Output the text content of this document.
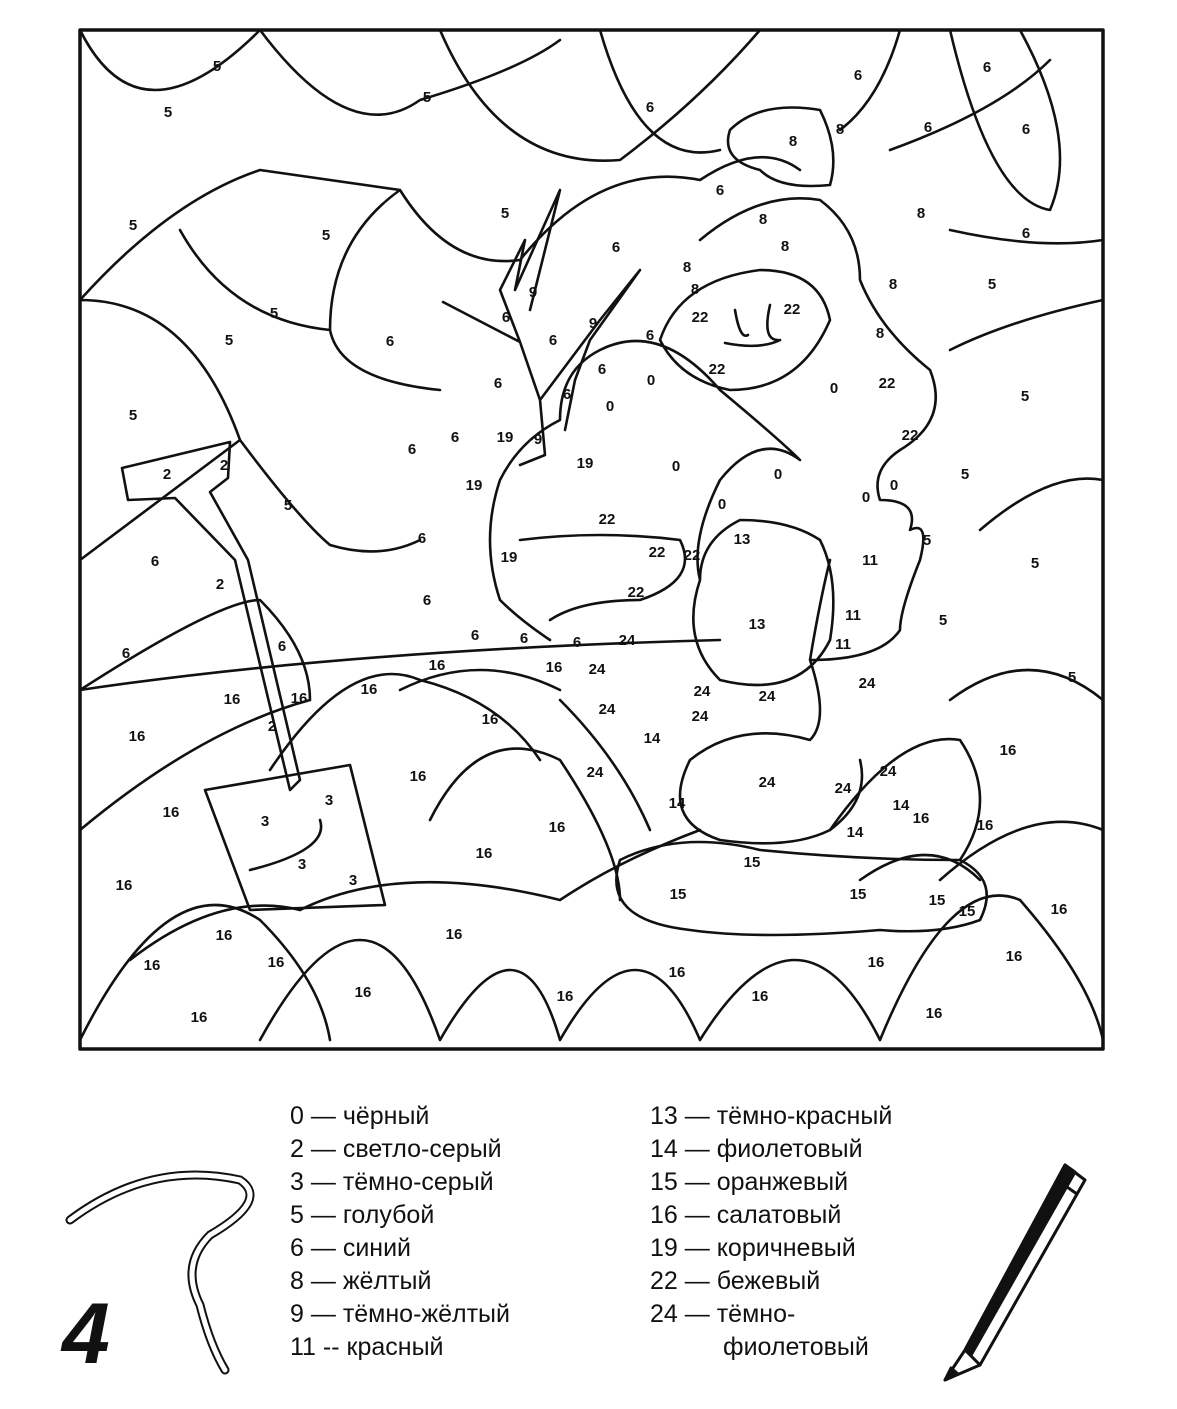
5
5
5
6
6	6
6	6
8
8
5
5
5
6
8	8
6
6	8
8
8	5
9	8
5	6	9	22	22
5	6	6	6	8
6	22
0
6	0	22
5
5
6
0
22
6 19 9
6
19	0	0	5
2
2
19	0
0
0
5
22
6	13	5
22 22
19	11	5
6
2	22
6
11
13	5
6	6	6 24	11
6
6
16	16 24	5
16	24	24
24
16	16
16
24	24
2
16	14
16
16	24
24
24
24
3	14	14
16
3	16
16	16
14
16
3	15
3
16
15	15	15
15	16
16	16
16	16
16
16	16
16	16	16
16	16
0 — чёрный
2 — светло-серый
3 — тёмно-серый
5 — голубой
6 — синий
8 — жёлтый
9 — тёмно-жёлтый
11 -- красный
13 — тёмно-красный
14 — фиолетовый
15 — оранжевый
16 — салатовый
19 — коричневый
22 — бежевый
24 — тёмно-
фиолетовый
4
